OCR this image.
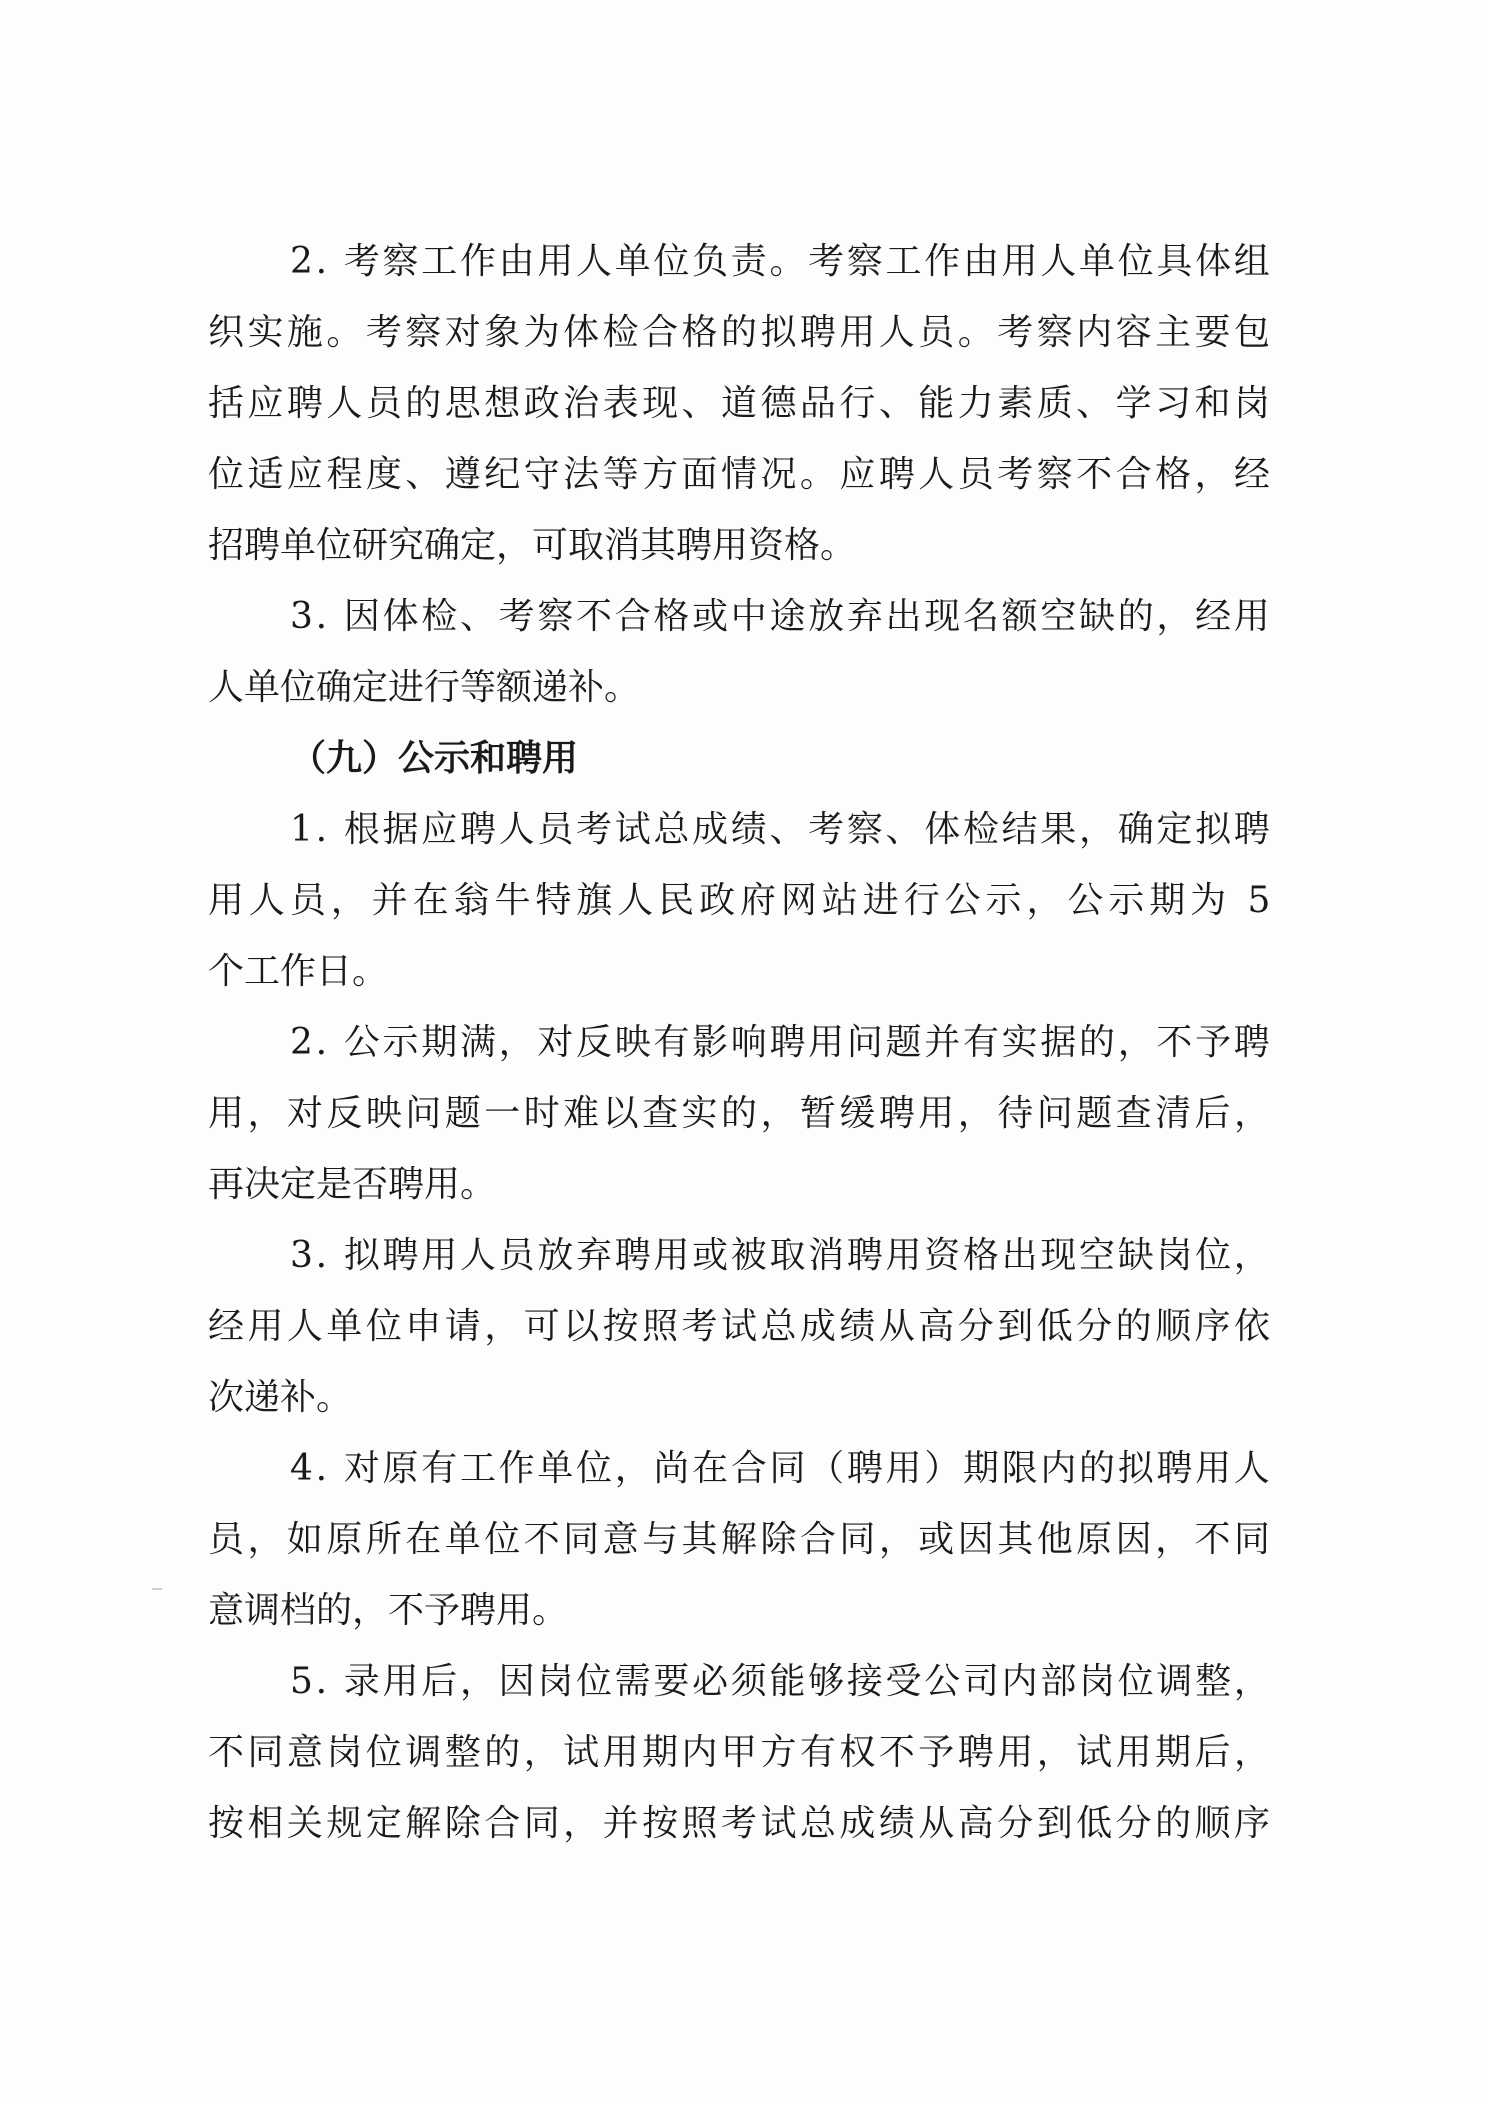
2. 考察工作由用人单位负责。考察工作由用人单位具体组
织实施。考察对象为体检合格的拟聘用人员。考察内容主要包
括应聘人员的思想政治表现、道德品行、能力素质、学习和岗
位适应程度、遵纪守法等方面情况。应聘人员考察不合格，经
招聘单位研究确定，可取消其聘用资格。
3. 因体检、考察不合格或中途放弃出现名额空缺的，经用
人单位确定进行等额递补。
（九）公示和聘用
1. 根据应聘人员考试总成绩、考察、体检结果，确定拟聘
用人员，并在翁牛特旗人民政府网站进行公示，公示期为 5
个工作日。
2. 公示期满，对反映有影响聘用问题并有实据的，不予聘
用，对反映问题一时难以查实的，暂缓聘用，待问题查清后，
再决定是否聘用。
3. 拟聘用人员放弃聘用或被取消聘用资格出现空缺岗位，
经用人单位申请，可以按照考试总成绩从高分到低分的顺序依
次递补。
4. 对原有工作单位，尚在合同（聘用）期限内的拟聘用人
员，如原所在单位不同意与其解除合同，或因其他原因，不同
意调档的，不予聘用。
5. 录用后，因岗位需要必须能够接受公司内部岗位调整，
不同意岗位调整的，试用期内甲方有权不予聘用，试用期后，
按相关规定解除合同，并按照考试总成绩从高分到低分的顺序
